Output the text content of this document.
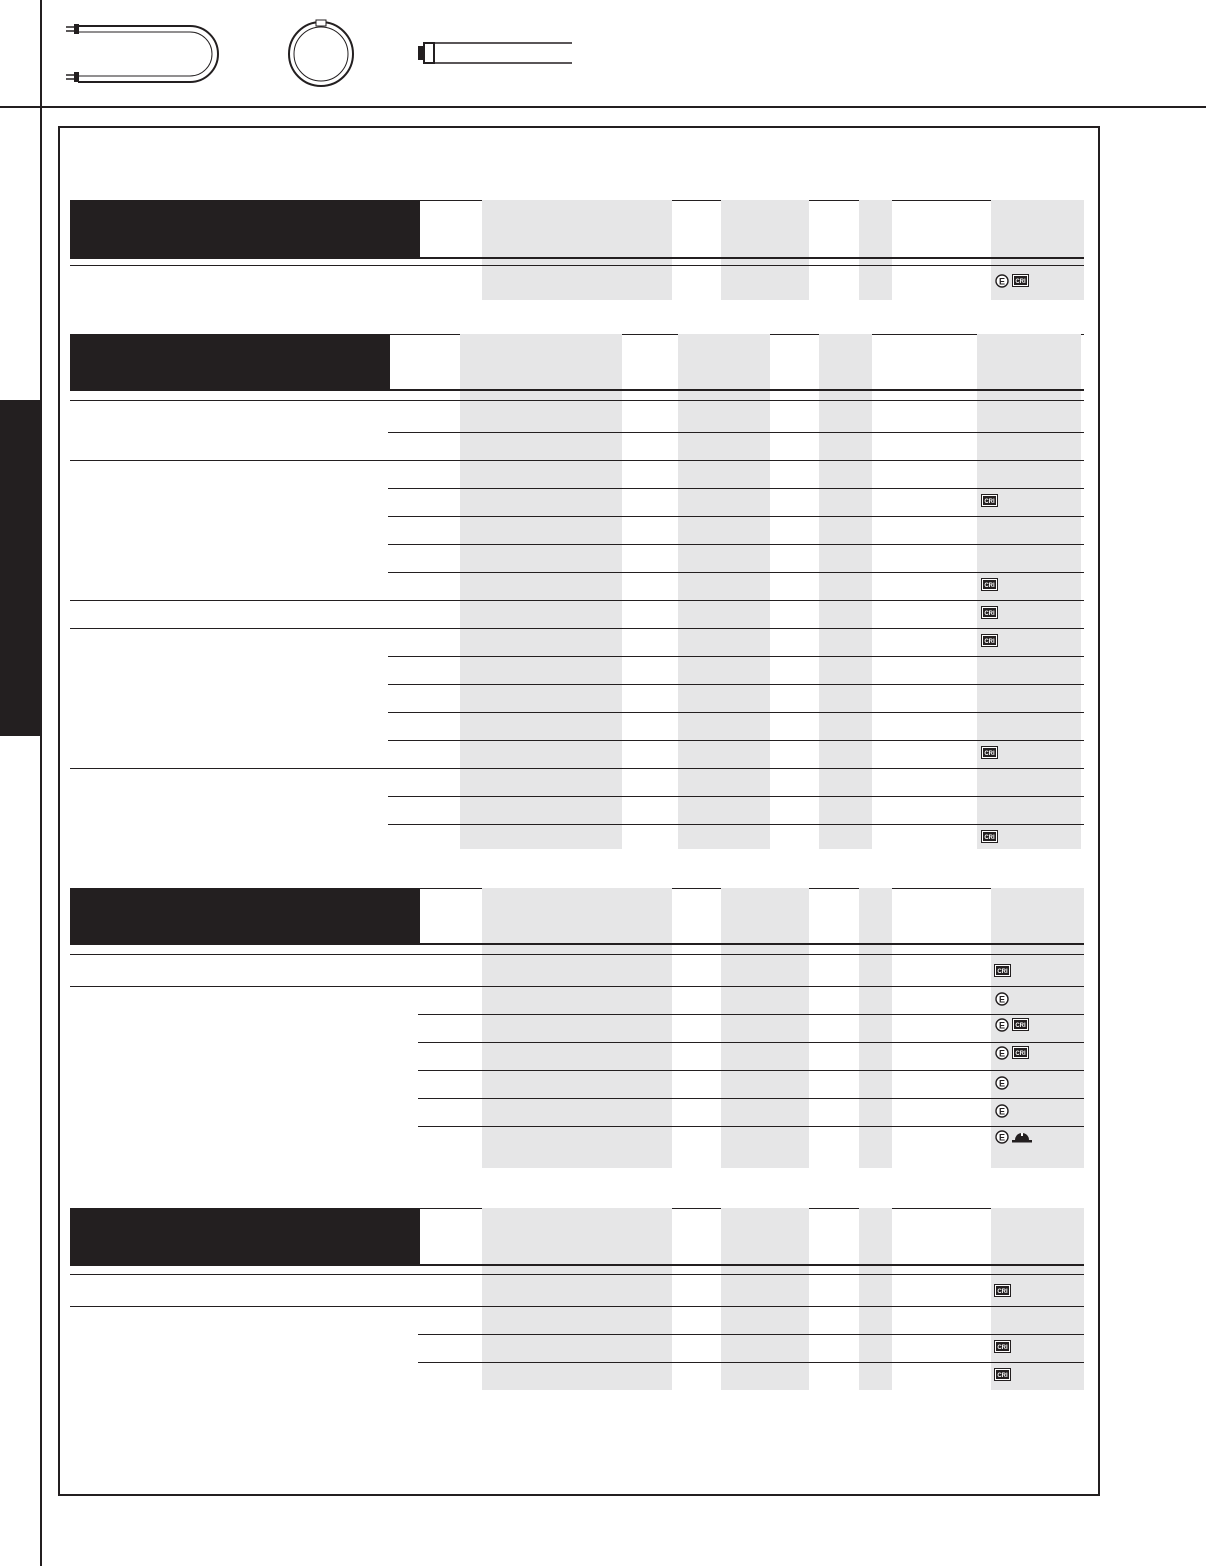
E CRI
CRI
CRI
CRI
CRI
CRI
CRI
CRI
E
E CRI
E CRI
E
E
E
CRI
CRI
CRI
